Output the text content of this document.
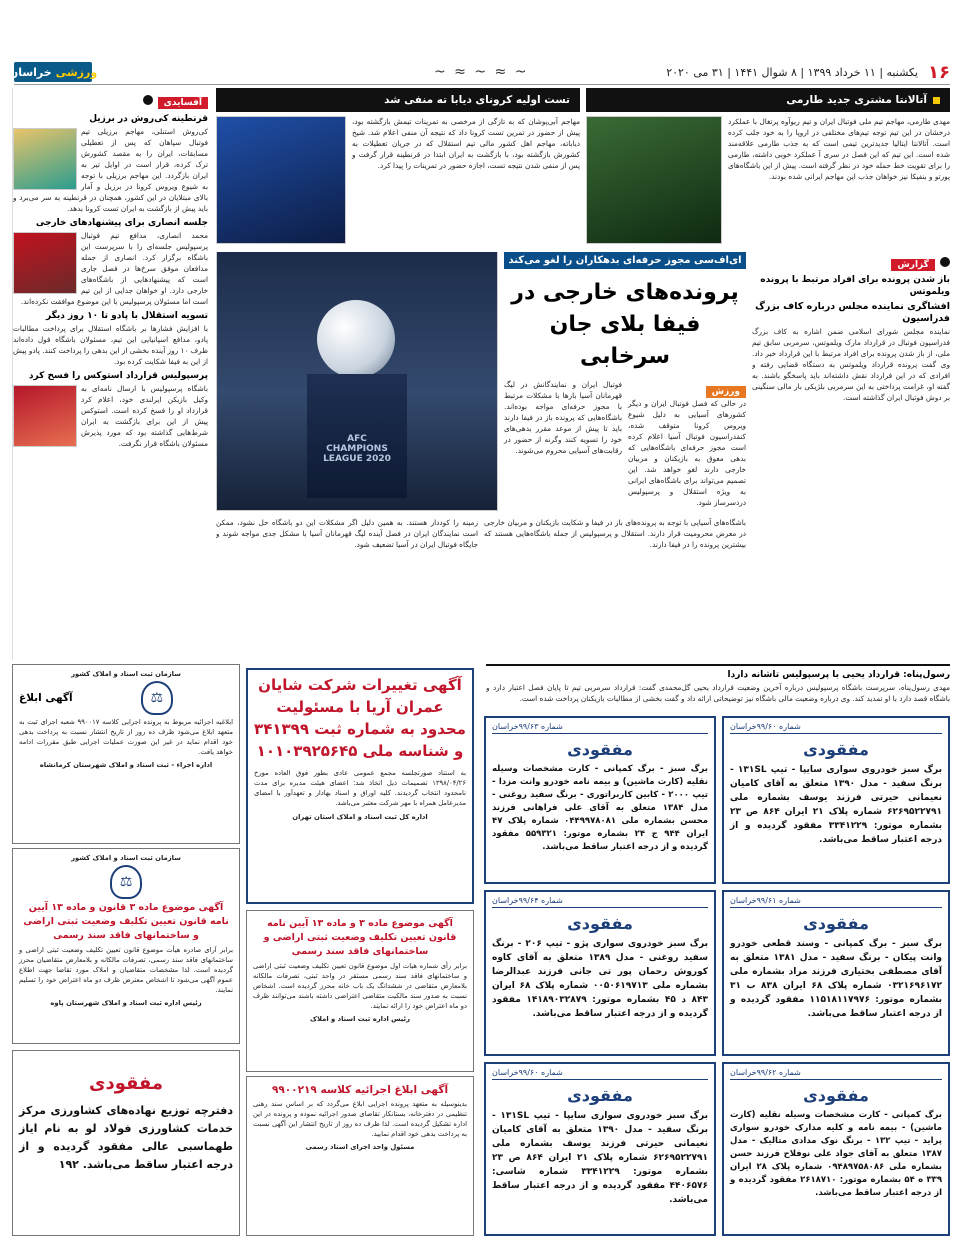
۱۶
یکشنبه | ۱۱ خرداد ۱۳۹۹ | ۸ شوال ۱۴۴۱ | ۳۱ می ۲۰۲۰
~ ≈ ~ ≈ ~
ورزشی
خراسان
آفسایدی
قرنطینه کی‌روش در برزیل
کی‌روش استنلی، مهاجم برزیلی تیم فوتبال سپاهان که پس از تعطیلی مسابقات، ایران را به مقصد کشورش ترک کرده، قرار است در اوایل تیر به ایران بازگردد. این مهاجم برزیلی با توجه به شیوع ویروس کرونا در برزیل و آمار بالای مبتلایان در این کشور، همچنان در قرنطینه به سر می‌برد و باید پیش از بازگشت به ایران تست کرونا بدهد.
جلسه انصاری برای پیشنهادهای خارجی
محمد انصاری، مدافع تیم فوتبال پرسپولیس جلسه‌ای را با سرپرست این باشگاه برگزار کرد. انصاری از جمله مدافعان موفق سرخ‌ها در فصل جاری است که پیشنهادهایی از باشگاه‌های خارجی دارد. او خواهان جدایی از این تیم است اما مسئولان پرسپولیس با این موضوع موافقت نکرده‌اند.
تسویه استقلال با پادو تا ۱۰ روز دیگر
با افزایش فشارها بر باشگاه استقلال برای پرداخت مطالبات پادو، مدافع اسپانیایی این تیم، مسئولان باشگاه قول داده‌اند ظرف ۱۰ روز آینده بخشی از این بدهی را پرداخت کنند. پادو پیش از این به فیفا شکایت کرده بود.
پرسپولیس قرارداد استوکس را فسخ کرد
باشگاه پرسپولیس با ارسال نامه‌ای به وکیل بازیکن ایرلندی خود، اعلام کرد قرارداد او را فسخ کرده است. استوکس پیش از این برای بازگشت به ایران شرط‌هایی گذاشته بود که مورد پذیرش مسئولان باشگاه قرار نگرفت.
آتالانتا مشتری جدید طارمی
مهدی طارمی، مهاجم تیم ملی فوتبال ایران و تیم ریوآوه پرتغال با عملکرد درخشان در این تیم توجه تیم‌های مختلفی در اروپا را به خود جلب کرده است. آتالانتا ایتالیا جدیدترین تیمی است که به جذب طارمی علاقه‌مند شده است. این تیم که این فصل در سری آ عملکرد خوبی داشته، طارمی را برای تقویت خط حمله خود در نظر گرفته است. پیش از این باشگاه‌های پورتو و بنفیکا نیز خواهان جذب این مهاجم ایرانی شده بودند.
تست اولیه کرونای دیابا ته منفی شد
مهاجم آبی‌پوشان که به تازگی از مرخصی به تمرینات تیمش بازگشته بود، پیش از حضور در تمرین تست کرونا داد که نتیجه آن منفی اعلام شد. شیخ دیاباته، مهاجم اهل کشور مالی تیم استقلال که در جریان تعطیلات به کشورش بازگشته بود، با بازگشت به ایران ابتدا در قرنطینه قرار گرفت و پس از منفی شدن نتیجه تست، اجازه حضور در تمرینات را پیدا کرد.
گزارش
باز شدن پرونده برای افراد مرتبط با پرونده ویلموتس
افشاگری نماینده مجلس درباره کاف بزرگ فدراسیون
نماینده مجلس شورای اسلامی ضمن اشاره به کاف بزرگ فدراسیون فوتبال در قرارداد مارک ویلموتس، سرمربی سابق تیم ملی، از باز شدن پرونده برای افراد مرتبط با این قرارداد خبر داد. وی گفت پرونده قرارداد ویلموتس به دستگاه قضایی رفته و افرادی که در این قرارداد نقش داشته‌اند باید پاسخگو باشند. به گفته او، غرامت پرداختی به این سرمربی بلژیکی بار مالی سنگینی بر دوش فوتبال ایران گذاشته است.
ای‌اف‌سی مجوز حرفه‌ای بدهکاران را لغو می‌کند
پرونده‌های خارجی در فیفا بلای جان سرخابی
ورزش
در حالی که فصل فوتبال ایران و دیگر کشورهای آسیایی به دلیل شیوع ویروس کرونا متوقف شده، کنفدراسیون فوتبال آسیا اعلام کرده است مجوز حرفه‌ای باشگاه‌هایی که بدهی معوق به بازیکنان و مربیان خارجی دارند لغو خواهد شد. این تصمیم می‌تواند برای باشگاه‌های ایرانی به ویژه استقلال و پرسپولیس دردسرساز شود.
فوتبال ایران و نمایندگانش در لیگ قهرمانان آسیا بارها با مشکلات مرتبط با مجوز حرفه‌ای مواجه بوده‌اند. باشگاه‌هایی که پرونده باز در فیفا دارند باید تا پیش از موعد مقرر بدهی‌های خود را تسویه کنند وگرنه از حضور در رقابت‌های آسیایی محروم می‌شوند.
AFC
CHAMPIONS
LEAGUE 2020
باشگاه‌های آسیایی با توجه به پرونده‌های باز در فیفا و شکایت بازیکنان و مربیان خارجی در معرض محرومیت قرار دارند. استقلال و پرسپولیس از جمله باشگاه‌هایی هستند که بیشترین پرونده را در فیفا دارند.
زمینه را کوددار هستند. به همین دلیل اگر مشکلات این دو باشگاه حل نشود، ممکن است نمایندگان ایران در فصل آینده لیگ قهرمانان آسیا با مشکل جدی مواجه شوند و جایگاه فوتبال ایران در آسیا تضعیف شود.
رسول‌پناه: قرارداد یحیی با پرسپولیس تاشانه داردا
مهدی رسول‌پناه، سرپرست باشگاه پرسپولیس درباره آخرین وضعیت قرارداد یحیی گل‌محمدی گفت: قرارداد سرمربی تیم تا پایان فصل اعتبار دارد و باشگاه قصد دارد با او تمدید کند. وی درباره وضعیت مالی باشگاه نیز توضیحاتی ارائه داد و گفت بخشی از مطالبات بازیکنان پرداخت شده است.
سازمان ثبت اسناد و املاک کشور
⚖
آگهی ابلاغ
ابلاغیه اجرائیه مربوط به پرونده اجرایی کلاسه ۹۹۰۰۱۷ شعبه اجرای ثبت به متعهد ابلاغ می‌شود ظرف ده روز از تاریخ انتشار نسبت به پرداخت بدهی خود اقدام نماید در غیر این صورت عملیات اجرایی طبق مقررات ادامه خواهد یافت.
اداره اجراء - ثبت اسناد و املاک شهرستان کرمانشاه
سازمان ثبت اسناد و املاک کشور
⚖
آگهی موضوع ماده ۳ قانون و ماده ۱۳ آیین نامه قانون تعیین تکلیف وضعیت ثبتی اراضی و ساختمانهای فاقد سند رسمی
برابر آرای صادره هیأت موضوع قانون تعیین تکلیف وضعیت ثبتی اراضی و ساختمانهای فاقد سند رسمی، تصرفات مالکانه و بلامعارض متقاضیان محرز گردیده است. لذا مشخصات متقاضیان و املاک مورد تقاضا جهت اطلاع عموم آگهی می‌شود تا اشخاص معترض ظرف دو ماه اعتراض خود را تسلیم نمایند.
رئیس اداره ثبت اسناد و املاک شهرستان پاوه
آگهی تغییرات شرکت شایان عمران آریا با مسئولیت محدود به شماره ثبت ۳۴۱۳۹۹ و شناسه ملی ۱۰۱۰۳۹۲۵۶۴۵
به استناد صورتجلسه مجمع عمومی عادی بطور فوق العاده مورخ ۱۳۹۸/۰۴/۲۶ تصمیمات ذیل اتخاذ شد: اعضای هیئت مدیره برای مدت نامحدود انتخاب گردیدند. کلیه اوراق و اسناد بهادار و تعهدآور با امضای مدیرعامل همراه با مهر شرکت معتبر می‌باشد.
اداره کل ثبت اسناد و املاک استان تهران
آگهی موضوع ماده ۳ و ماده ۱۳ آیین نامه قانون تعیین تکلیف وضعیت ثبتی اراضی و ساختمانهای فاقد سند رسمی
برابر رأی شماره هیات اول موضوع قانون تعیین تکلیف وضعیت ثبتی اراضی و ساختمانهای فاقد سند رسمی مستقر در واحد ثبتی، تصرفات مالکانه بلامعارض متقاضی در ششدانگ یک باب خانه محرز گردیده است. اشخاص نسبت به صدور سند مالکیت متقاضی اعتراضی داشته باشند می‌توانند ظرف دو ماه اعتراض خود را ارائه نمایند.
رئیس اداره ثبت اسناد و املاک
آگهی ابلاغ اجرائیه کلاسه ۹۹۰۰۲۱۹
بدینوسیله به متعهد پرونده اجرایی ابلاغ می‌گردد که بر اساس سند رهنی تنظیمی در دفترخانه، بستانکار تقاضای صدور اجرائیه نموده و پرونده در این اداره تشکیل گردیده است. لذا ظرف ده روز از تاریخ انتشار این آگهی نسبت به پرداخت بدهی خود اقدام نمایید.
مسئول واحد اجرای اسناد رسمی
مفقودی
دفترچه توزیع نهاده‌های کشاورزی مرکز خدمات کشاورزی فولاد لو به نام ایاز طهماسبی عالی مفقود گردیده و از درجه اعتبار ساقط می‌باشد. ۱۹۲
شماره ۹۹/۶۰خراسان
مفقودی
برگ سبز خودروی سواری سایپا - تیپ ۱۳۱SL - برنگ سفید - مدل ۱۳۹۰ متعلق به آقای کامیان نعیمانی حیرتی فرزند یوسف بشماره ملی ۶۲۶۹۵۲۲۷۹۱ شماره پلاک ۲۱ ایران ۸۶۴ ص ۲۳ بشماره موتور: ۳۳۴۱۲۲۹ مفقود گردیده و از درجه اعتبار ساقط می‌باشد.
شماره ۹۹/۶۳خراسان
مفقودی
برگ سبز - برگ کمپانی - کارت مشخصات وسیله نقلیه (کارت ماشین) و بیمه نامه خودرو وانت مزدا - تیپ ۲۰۰۰ - کابین کاربراتوری - برنگ سفید روغنی - مدل ۱۳۸۴ متعلق به آقای علی فراهانی فرزند محسن بشماره ملی ۰۴۴۹۹۷۸۰۸۱ شماره پلاک ۴۷ ایران ۹۴۴ ج ۲۴ بشماره موتور: ۵۵۹۳۲۱ مفقود گردیده و از درجه اعتبار ساقط می‌باشد.
شماره ۹۹/۶۱خراسان
مفقودی
برگ سبز - برگ کمپانی - وسند قطعی خودرو وانت پیکان - برنگ سفید - مدل ۱۳۸۱ متعلق به آقای مصطفی بختیاری فرزند مراد بشماره ملی ۰۳۲۱۶۹۶۱۷۲ شماره پلاک ۶۸ ایران ۸۳۸ ب ۳۱ بشماره موتور: ۱۱۵۱۸۱۱۷۹۷۶ مفقود گردیده و از درجه اعتبار ساقط می‌باشد.
شماره ۹۹/۶۴خراسان
مفقودی
برگ سبز خودروی سواری پژو - تیپ ۲۰۶ - برنگ سفید روغنی - مدل ۱۳۸۹ متعلق به آقای کاوه کوروش رحمان پور تی جانی فرزند عبدالرضا بشماره ملی ۰۰۵۰۶۱۹۷۱۳ شماره پلاک ۶۸ ایران ۸۴۳ د ۴۵ بشماره موتور: ۱۴۱۸۹۰۳۲۸۷۹ مفقود گردیده و از درجه اعتبار ساقط می‌باشد.
شماره ۹۹/۶۲خراسان
مفقودی
برگ کمپانی - کارت مشخصات وسیله نقلیه (کارت ماشین) - بیمه نامه و کلیه مدارک خودرو سواری پراید - تیپ ۱۳۲ - برنگ نوک مدادی متالیک - مدل ۱۳۸۷ متعلق به آقای جواد علی نوفلاح فرزند حسن بشماره ملی ۰۹۴۸۹۷۵۸۰۸۶ شماره پلاک ۲۸ ایران ۳۳۹ ه ۵۴ بشماره موتور: ۲۶۱۸۷۱۰ مفقود گردیده و از درجه اعتبار ساقط می‌باشد.
شماره ۹۹/۶۰خراسان
مفقودی
برگ سبز خودروی سواری سایپا - تیپ ۱۳۱SL - برنگ سفید - مدل ۱۳۹۰ متعلق به آقای کامیان نعیمانی حیرتی فرزند یوسف بشماره ملی ۶۲۶۹۵۲۲۷۹۱ شماره پلاک ۲۱ ایران ۸۶۴ ص ۲۳ بشماره موتور: ۳۳۴۱۲۲۹ شماره شاسی: ۴۴۰۶۵۷۶ مفقود گردیده و از درجه اعتبار ساقط می‌باشد.
